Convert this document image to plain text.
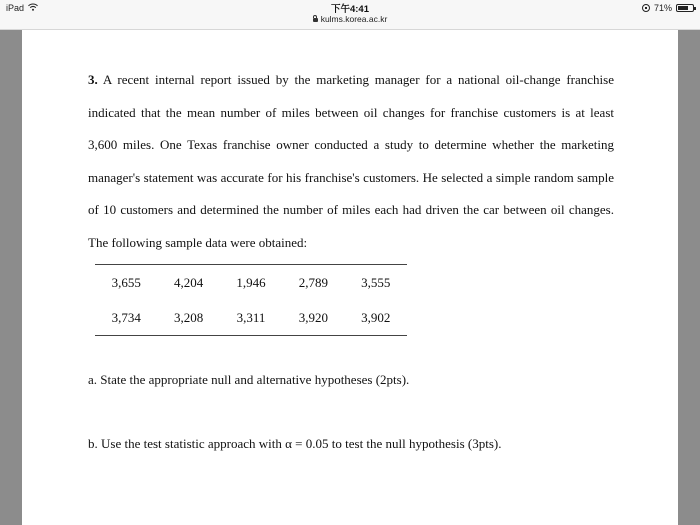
iPad	下午4:41
kulms.korea.ac.kr
71%

3. A recent internal report issued by the marketing manager for a national oil-change franchise indicated that the mean number of miles between oil changes for franchise customers is at least 3,600 miles. One Texas franchise owner conducted a study to determine whether the marketing manager's statement was accurate for his franchise's customers. He selected a simple random sample of 10 customers and determined the number of miles each had driven the car between oil changes. The following sample data were obtained:

3,655	4,204	1,946	2,789	3,555
3,734	3,208	3,311	3,920	3,902

a. State the appropriate null and alternative hypotheses (2pts).

b. Use the test statistic approach with α = 0.05 to test the null hypothesis (3pts).
